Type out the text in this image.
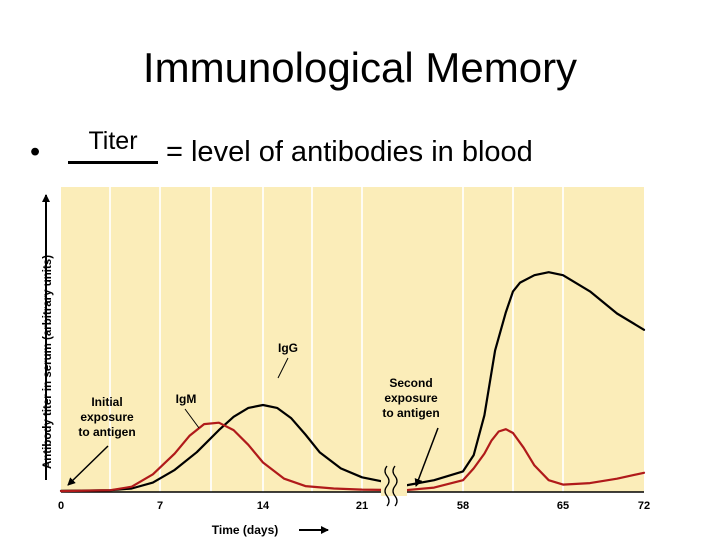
Immunological Memory
•	Titer = level of antibodies in blood
0	7	14	21	58	65	72
Time (days)
Antibody titer in serum (arbitrary units)	IgG
IgM
Initial
exposure
to antigen
Second
exposure
to antigen
